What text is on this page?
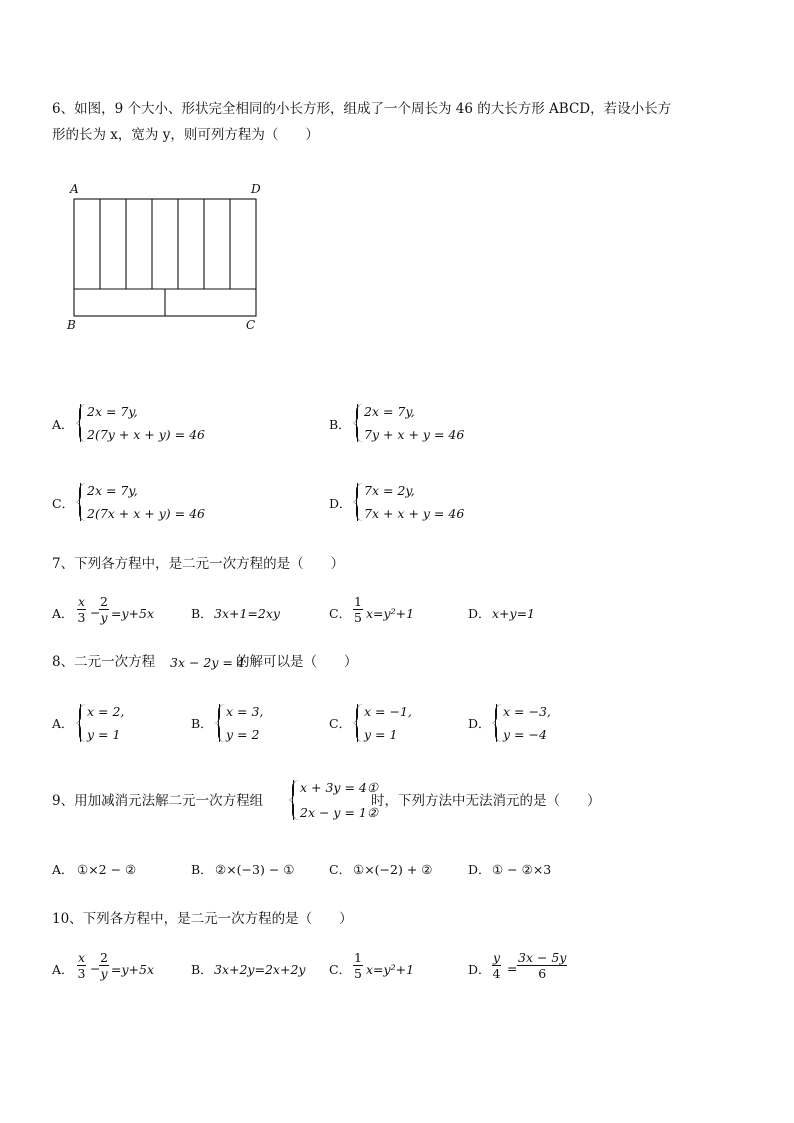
6、如图，9 个大小、形状完全相同的小长方形，组成了一个周长为 46 的大长方形 ABCD，若设小长方
形的长为 x，宽为 y，则可列方程为（　　）
A	D
B	C
A．
2x = 7y,
2(7y + x + y) = 46
B．
2x = 7y,
7y + x + y = 46
C．
2x = 7y,
2(7x + x + y) = 46
D．
7x = 2y,
7x + x + y = 46
7、下列各方程中，是二元一次方程的是（　　）
A． $\frac{x}{3}$ −
$\frac{2}{y} =y+5x$	B． 3x+1=2xy	C． $\frac{1}{5} x=y^2+1$	D． x+y=1
8、二元一次方程 3x − 2y = 4
的解可以是（　　）
A．
x = 2,
y = 1
B．
x = 3,
y = 2
C．
x = −1,
y = 1
D．
x = −3,
y = −4
9、用加减消元法解二元一次方程组
x + 3y = 4①
2x − y = 1②
时，下列方法中无法消元的是（　　）
A． ①×2 − ②	B． ②×(−3) − ①	C． ①×(−2) + ②	D． ① − ②×3
10、下列各方程中，是二元一次方程的是（　　）
A． $\frac{x}{3}$ −
$\frac{2}{y} =y+5x$	B． 3x+2y=2x+2y C． $\frac{1}{5} x=y^2+1$	D． $\frac{y}{4} = \frac{3x - 5y}{6}$
